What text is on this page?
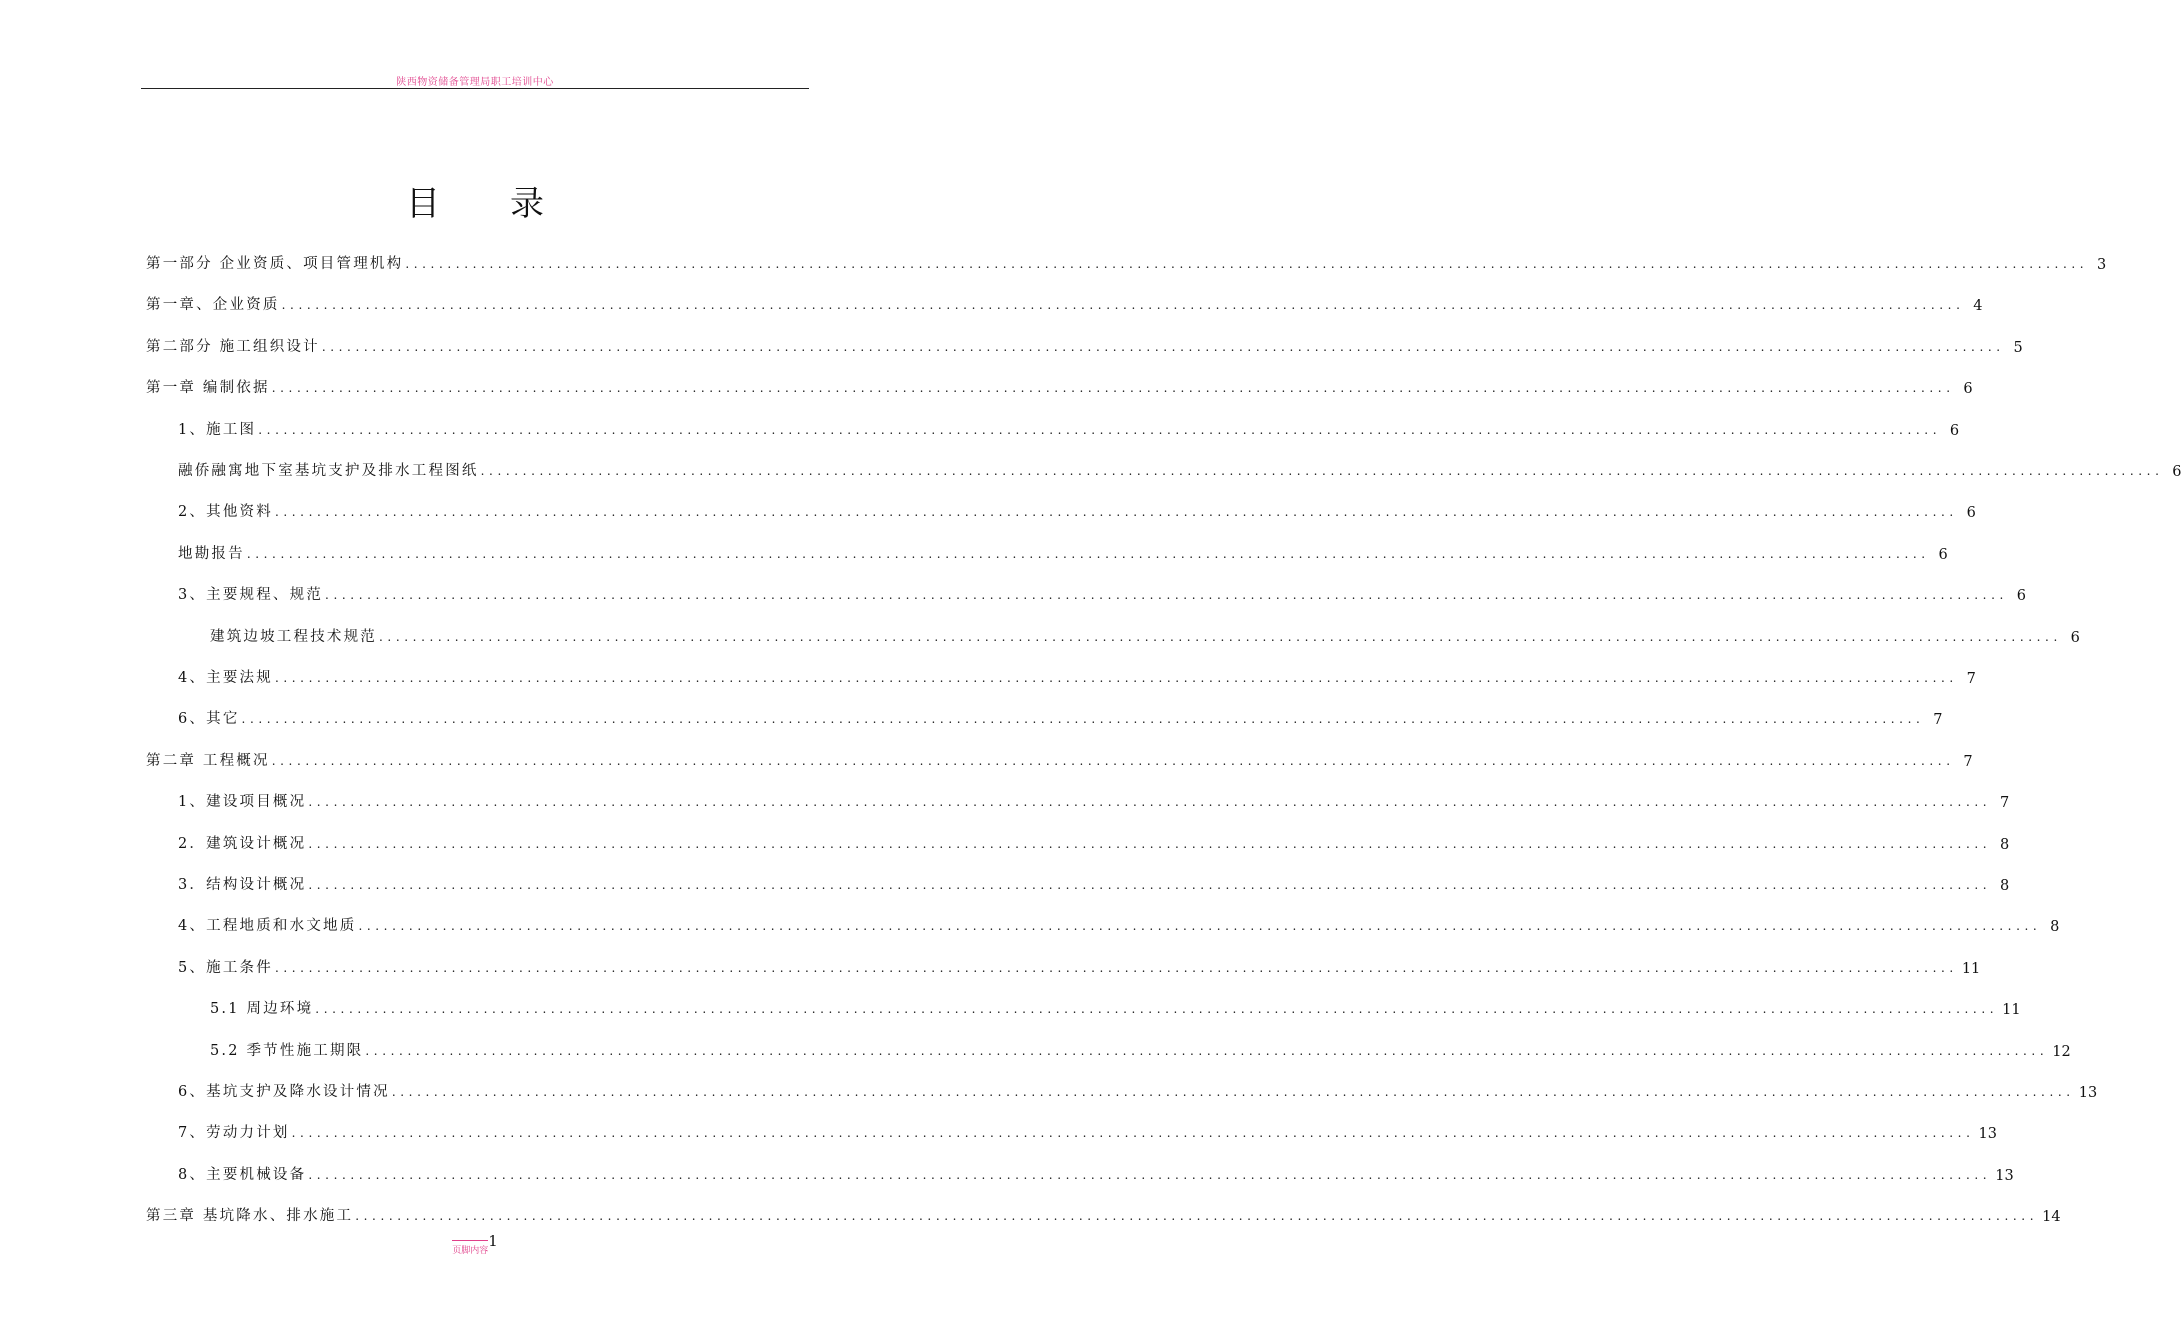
陕西物资储备管理局职工培训中心
目录
第一部分 企业资质、项目管理机构 ........................................................................................................................................................................................................ 3
第一章、企业资质 ........................................................................................................................................................................................................ 4
第二部分 施工组织设计 ........................................................................................................................................................................................................ 5
第一章 编制依据 ........................................................................................................................................................................................................ 6
1、施工图 ........................................................................................................................................................................................................ 6
融侨融寓地下室基坑支护及排水工程图纸 ........................................................................................................................................................................................................ 6
2、其他资料 ........................................................................................................................................................................................................ 6
地勘报告 ........................................................................................................................................................................................................ 6
3、主要规程、规范 ........................................................................................................................................................................................................ 6
建筑边坡工程技术规范 ........................................................................................................................................................................................................ 6
4、主要法规 ........................................................................................................................................................................................................ 7
6、其它 ........................................................................................................................................................................................................ 7
第二章 工程概况 ........................................................................................................................................................................................................ 7
1、建设项目概况 ........................................................................................................................................................................................................ 7
2．建筑设计概况 ........................................................................................................................................................................................................ 8
3．结构设计概况 ........................................................................................................................................................................................................ 8
4、工程地质和水文地质 ........................................................................................................................................................................................................ 8
5、施工条件 ........................................................................................................................................................................................................ 11
5.1 周边环境 ........................................................................................................................................................................................................ 11
5.2 季节性施工期限 ........................................................................................................................................................................................................ 12
6、基坑支护及降水设计情况 ........................................................................................................................................................................................................ 13
7、劳动力计划 ........................................................................................................................................................................................................ 13
8、主要机械设备 ........................................................................................................................................................................................................ 13
第三章 基坑降水、排水施工 ........................................................................................................................................................................................................ 14
页脚内容1
